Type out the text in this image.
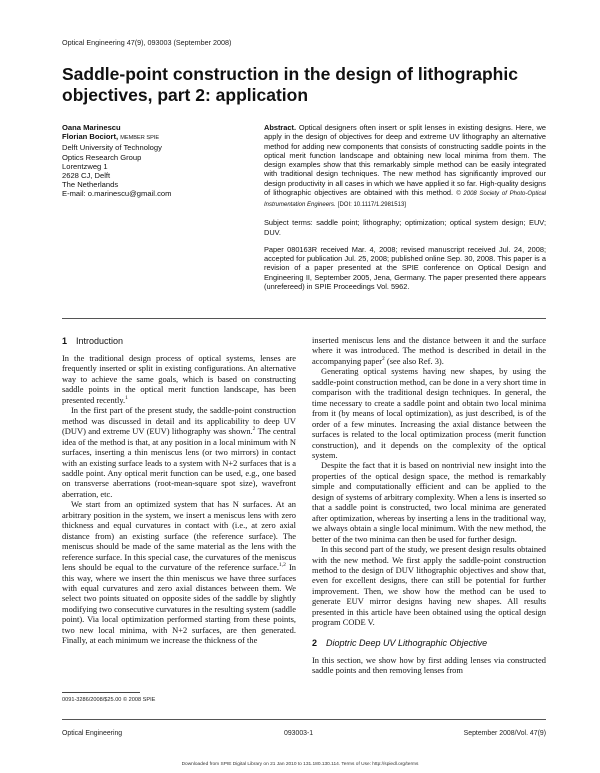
Optical Engineering 47(9), 093003 (September 2008)
Saddle-point construction in the design of lithographic objectives, part 2: application
Oana Marinescu
Florian Bociort, MEMBER SPIE
Delft University of Technology
Optics Research Group
Lorentzweg 1
2628 CJ, Delft
The Netherlands
E-mail: o.marinescu@gmail.com

Abstract. Optical designers often insert or split lenses in existing designs. Here, we apply in the design of objectives for deep and extreme UV lithography an alternative method for adding new components that consists of constructing saddle points in the optical merit function landscape and obtaining new local minima from them. The design examples show that this remarkably simple method can be easily integrated with traditional design techniques. The new method has significantly improved our design productivity in all cases in which we have applied it so far. High-quality designs of lithographic objectives are obtained with this method. © 2008 Society of Photo-Optical Instrumentation Engineers. [DOI: 10.1117/1.2981513]

Subject terms: saddle point; lithography; optimization; optical system design; EUV; DUV.

Paper 080163R received Mar. 4, 2008; revised manuscript received Jul. 24, 2008; accepted for publication Jul. 25, 2008; published online Sep. 30, 2008. This paper is a revision of a paper presented at the SPIE conference on Optical Design and Engineering II, September 2005, Jena, Germany. The paper presented there appears (unrefereed) in SPIE Proceedings Vol. 5962.

1 Introduction

In the traditional design process of optical systems, lenses are frequently inserted or split in existing configurations. An alternative way to achieve the same goals, which is based on constructing saddle points in the optical merit function landscape, has been presented recently.$^1$

In the first part of the present study, the saddle-point construction method was discussed in detail and its applicability to deep UV (DUV) and extreme UV (EUV) lithography was shown.$^2$ The central idea of the method is that, at any position in a local minimum with N surfaces, inserting a thin meniscus lens (or two mirrors) in contact with an existing surface leads to a system with N+2 surfaces that is a saddle point. Any optical merit function can be used, e.g., one based on transverse aberrations (root-mean-square spot size), wavefront aberration, etc.

We start from an optimized system that has N surfaces. At an arbitrary position in the system, we insert a meniscus lens with zero thickness and equal curvatures in contact with (i.e., at zero axial distance from) an existing surface (the reference surface). The meniscus should be made of the same material as the lens with the reference surface. In this special case, the curvatures of the meniscus lens should be equal to the curvature of the reference surface.$^{1,2}$ In this way, where we insert the thin meniscus we have three surfaces with equal curvatures and zero axial distances between them. We select two points situated on opposite sides of the saddle by slightly modifying two consecutive curvatures in the resulting system (saddle point). Via local optimization performed starting from these points, two new local minima, with N+2 surfaces, are then generated. Finally, at each minimum we increase the thickness of the

inserted meniscus lens and the distance between it and the surface where it was introduced. The method is described in detail in the accompanying paper$^2$ (see also Ref. 3).

Generating optical systems having new shapes, by using the saddle-point construction method, can be done in a very short time in comparison with the traditional design techniques. In general, the time necessary to create a saddle point and obtain two local minima from it (by means of local optimization), as just described, is of the order of a few minutes. Increasing the axial distance between the surfaces is related to the local optimization process (merit function construction), and it depends on the complexity of the optical system.

Despite the fact that it is based on nontrivial new insight into the properties of the optical design space, the method is remarkably simple and computationally efficient and can be applied to the design of systems of arbitrary complexity. When a lens is inserted so that a saddle point is constructed, two local minima are generated after optimization, whereas by inserting a lens in the traditional way, we always obtain a single local minimum. With the new method, the better of the two minima can then be used for further design.

In this second part of the study, we present design results obtained with the new method. We first apply the saddle-point construction method to the design of DUV lithographic objectives and show that, even for excellent designs, there can still be potential for further improvement. Then, we show how the method can be used to generate EUV mirror designs having new shapes. All results presented in this article have been obtained using the optical design program CODE V.

2 Dioptric Deep UV Lithographic Objective

In this section, we show how by first adding lenses via constructed saddle points and then removing lenses from

0091-3286/2008/$25.00 © 2008 SPIE
Optical Engineering	093003-1	September 2008/Vol. 47(9)
Downloaded from SPIE Digital Library on 21 Jan 2010 to 131.180.130.114. Terms of Use: http://spiedl.org/terms
